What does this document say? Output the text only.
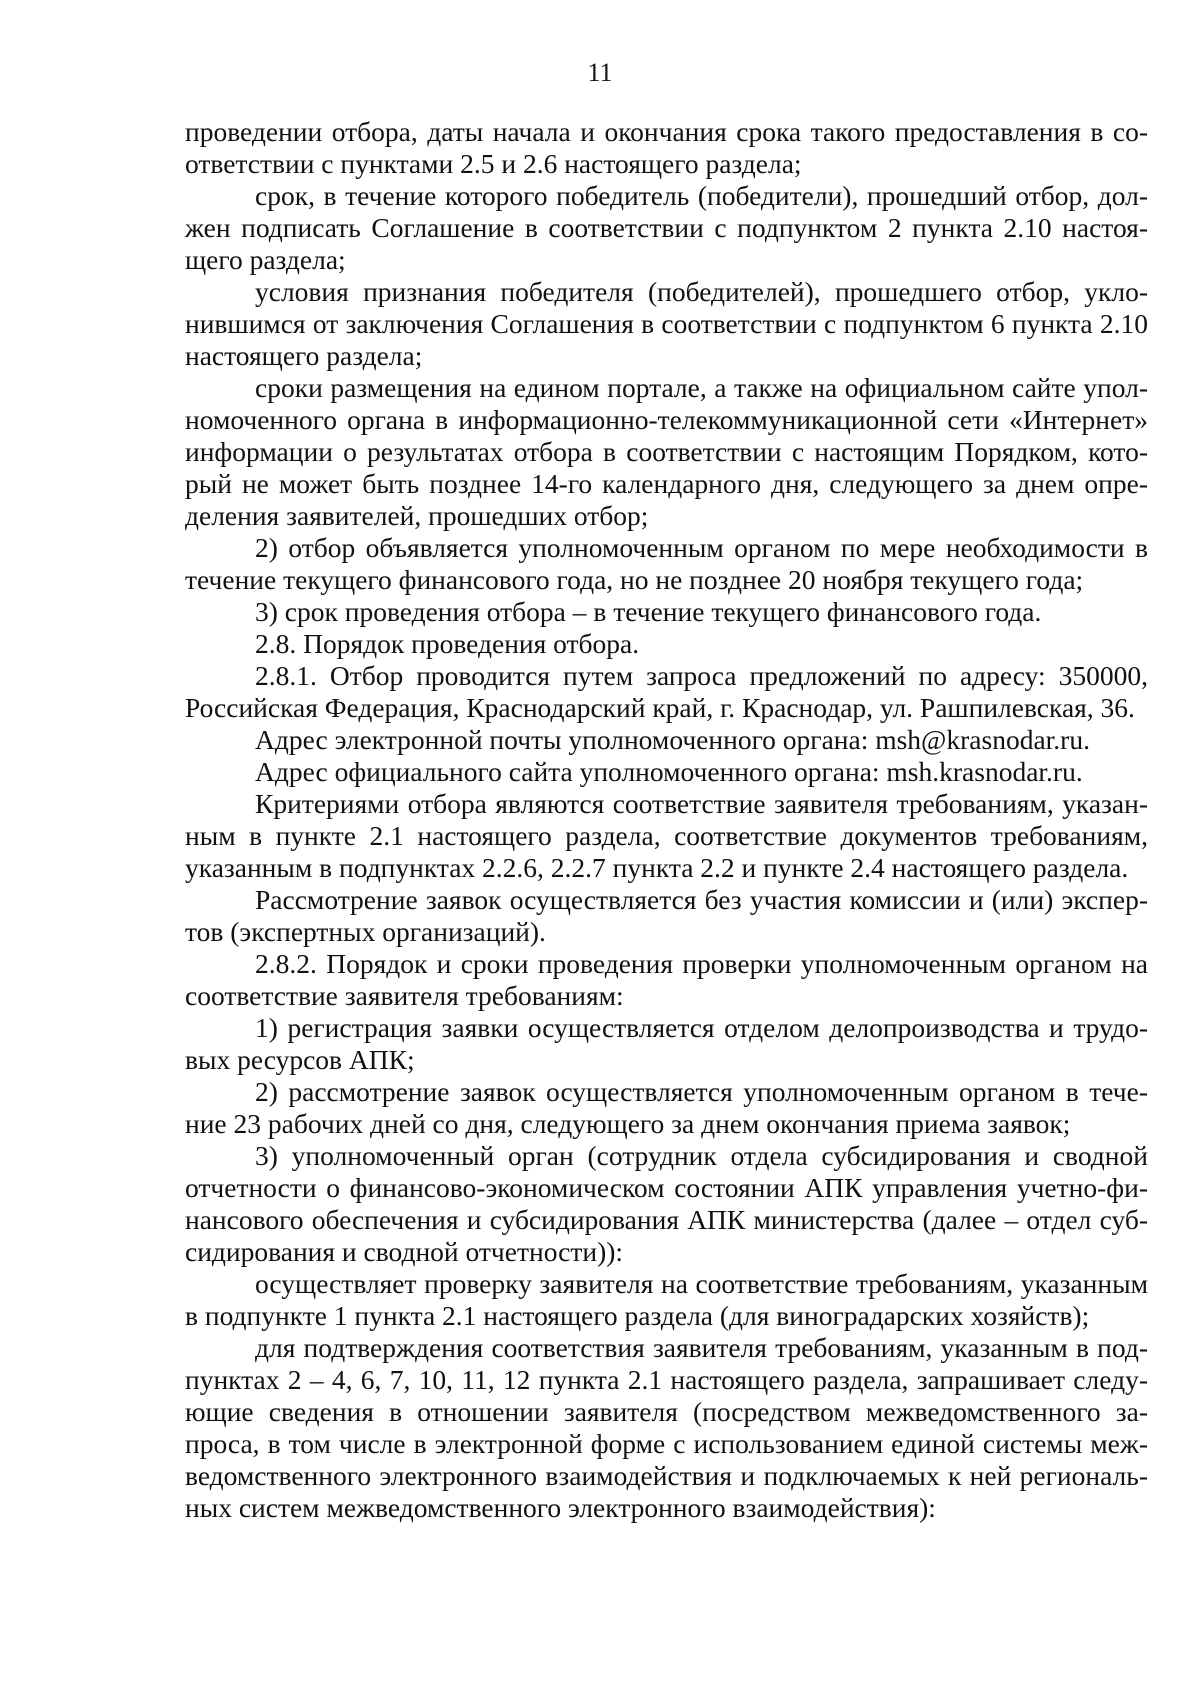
11

проведении отбора, даты начала и окончания срока такого предоставления в соответствии с пунктами 2.5 и 2.6 настоящего раздела;

срок, в течение которого победитель (победители), прошедший отбор, должен подписать Соглашение в соответствии с подпунктом 2 пункта 2.10 настоящего раздела;

условия признания победителя (победителей), прошедшего отбор, уклонившимся от заключения Соглашения в соответствии с подпунктом 6 пункта 2.10 настоящего раздела;

сроки размещения на едином портале, а также на официальном сайте уполномоченного органа в информационно-телекоммуникационной сети «Интернет» информации о результатах отбора в соответствии с настоящим Порядком, который не может быть позднее 14-го календарного дня, следующего за днем определения заявителей, прошедших отбор;

2) отбор объявляется уполномоченным органом по мере необходимости в течение текущего финансового года, но не позднее 20 ноября текущего года;

3) срок проведения отбора – в течение текущего финансового года.

2.8. Порядок проведения отбора.

2.8.1. Отбор проводится путем запроса предложений по адресу: 350000, Российская Федерация, Краснодарский край, г. Краснодар, ул. Рашпилевская, 36.

Адрес электронной почты уполномоченного органа: msh@krasnodar.ru.

Адрес официального сайта уполномоченного органа: msh.krasnodar.ru.

Критериями отбора являются соответствие заявителя требованиям, указанным в пункте 2.1 настоящего раздела, соответствие документов требованиям, указанным в подпунктах 2.2.6, 2.2.7 пункта 2.2 и пункте 2.4 настоящего раздела.

Рассмотрение заявок осуществляется без участия комиссии и (или) экспертов (экспертных организаций).

2.8.2. Порядок и сроки проведения проверки уполномоченным органом на соответствие заявителя требованиям:

1) регистрация заявки осуществляется отделом делопроизводства и трудовых ресурсов АПК;

2) рассмотрение заявок осуществляется уполномоченным органом в течение 23 рабочих дней со дня, следующего за днем окончания приема заявок;

3) уполномоченный орган (сотрудник отдела субсидирования и сводной отчетности о финансово-экономическом состоянии АПК управления учетно-финансового обеспечения и субсидирования АПК министерства (далее – отдел субсидирования и сводной отчетности)):

осуществляет проверку заявителя на соответствие требованиям, указанным в подпункте 1 пункта 2.1 настоящего раздела (для виноградарских хозяйств);

для подтверждения соответствия заявителя требованиям, указанным в подпунктах 2 – 4, 6, 7, 10, 11, 12 пункта 2.1 настоящего раздела, запрашивает следующие сведения в отношении заявителя (посредством межведомственного запроса, в том числе в электронной форме с использованием единой системы межведомственного электронного взаимодействия и подключаемых к ней региональных систем межведомственного электронного взаимодействия):
